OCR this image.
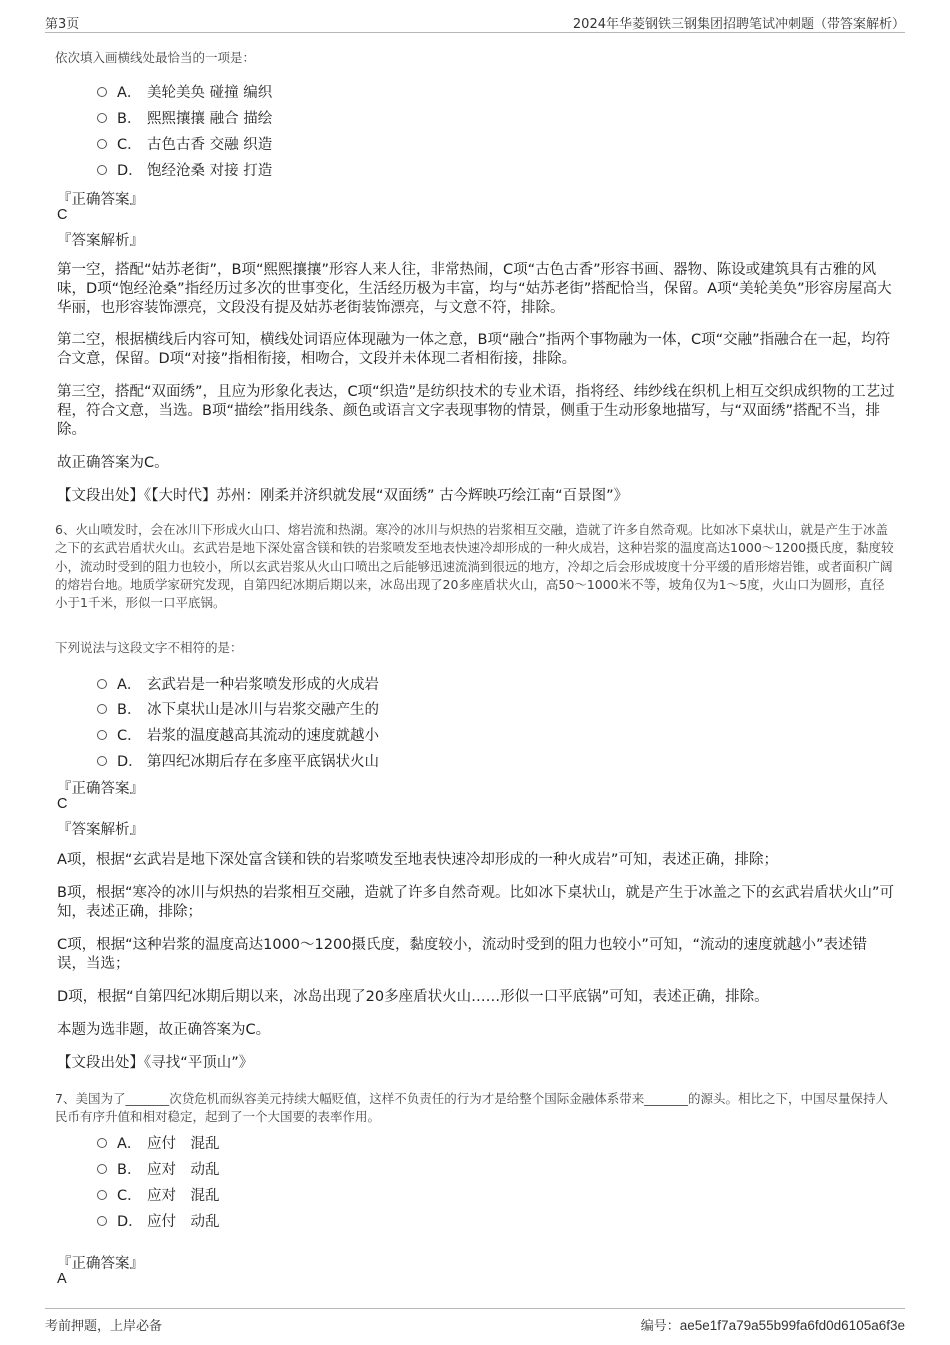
第3页	2024年华菱钢铁三钢集团招聘笔试冲刺题（带答案解析）
依次填入画横线处最恰当的一项是：
A． 美轮美奂 碰撞 编织
B． 熙熙攘攘 融合 描绘
C． 古色古香 交融 织造
D． 饱经沧桑 对接 打造
『正确答案』
C
『答案解析』
第一空，搭配“姑苏老街”，B项“熙熙攘攘”形容人来人往，非常热闹，C项“古色古香”形容书画、器物、陈设或建筑具有古雅的风味，D项“饱经沧桑”指经历过多次的世事变化，生活经历极为丰富，均与“姑苏老街”搭配恰当，保留。A项“美轮美奂”形容房屋高大华丽，也形容装饰漂亮，文段没有提及姑苏老街装饰漂亮，与文意不符，排除。
第二空，根据横线后内容可知，横线处词语应体现融为一体之意，B项“融合”指两个事物融为一体，C项“交融”指融合在一起，均符合文意，保留。D项“对接”指相衔接，相吻合，文段并未体现二者相衔接，排除。
第三空，搭配“双面绣”，且应为形象化表达，C项“织造”是纺织技术的专业术语，指将经、纬纱线在织机上相互交织成织物的工艺过程，符合文意，当选。B项“描绘”指用线条、颜色或语言文字表现事物的情景，侧重于生动形象地描写，与“双面绣”搭配不当，排除。
故正确答案为C。
【文段出处】《【大时代】苏州：刚柔并济织就发展“双面绣” 古今辉映巧绘江南“百景图”》
6、火山喷发时，会在冰川下形成火山口、熔岩流和热湖。寒冷的冰川与炽热的岩浆相互交融，造就了许多自然奇观。比如冰下桌状山，就是产生于冰盖之下的玄武岩盾状火山。玄武岩是地下深处富含镁和铁的岩浆喷发至地表快速冷却形成的一种火成岩，这种岩浆的温度高达1000～1200摄氏度，黏度较小，流动时受到的阻力也较小，所以玄武岩浆从火山口喷出之后能够迅速流淌到很远的地方，冷却之后会形成坡度十分平缓的盾形熔岩锥，或者面积广阔的熔岩台地。地质学家研究发现，自第四纪冰期后期以来，冰岛出现了20多座盾状火山，高50～1000米不等，坡角仅为1～5度，火山口为圆形，直径小于1千米，形似一口平底锅。
下列说法与这段文字不相符的是：
A． 玄武岩是一种岩浆喷发形成的火成岩
B． 冰下桌状山是冰川与岩浆交融产生的
C． 岩浆的温度越高其流动的速度就越小
D． 第四纪冰期后存在多座平底锅状火山
『正确答案』
C
『答案解析』
A项，根据“玄武岩是地下深处富含镁和铁的岩浆喷发至地表快速冷却形成的一种火成岩”可知，表述正确，排除；
B项，根据“寒冷的冰川与炽热的岩浆相互交融，造就了许多自然奇观。比如冰下桌状山，就是产生于冰盖之下的玄武岩盾状火山”可知，表述正确，排除；
C项，根据“这种岩浆的温度高达1000～1200摄氏度，黏度较小，流动时受到的阻力也较小”可知，“流动的速度就越小”表述错误，当选；
D项，根据“自第四纪冰期后期以来，冰岛出现了20多座盾状火山……形似一口平底锅”可知，表述正确，排除。
本题为选非题，故正确答案为C。
【文段出处】《寻找“平顶山”》
7、美国为了_______次贷危机而纵容美元持续大幅贬值，这样不负责任的行为才是给整个国际金融体系带来_______的源头。相比之下，中国尽量保持人民币有序升值和相对稳定，起到了一个大国要的表率作用。
A． 应付　混乱
B． 应对　动乱
C． 应对　混乱
D． 应付　动乱
『正确答案』
A
考前押题，上岸必备	编号：ae5e1f7a79a55b99fa6fd0d6105a6f3e
